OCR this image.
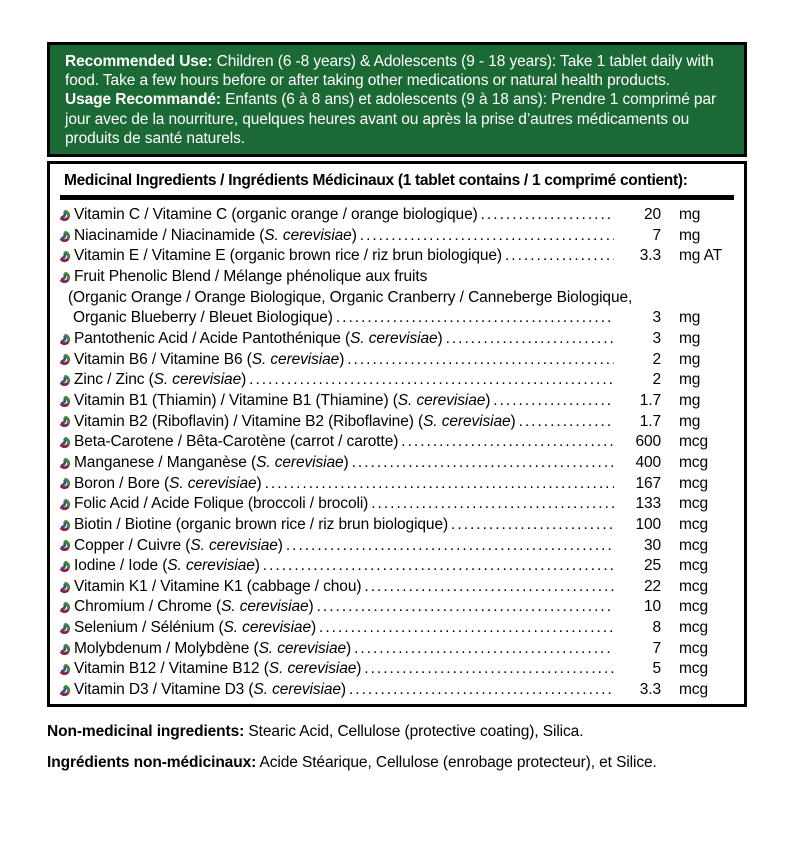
Recommended Use: Children (6 -8 years) & Adolescents (9 - 18 years): Take 1 tablet daily with food. Take a few hours before or after taking other medications or natural health products.

Usage Recommandé: Enfants (6 à 8 ans) et adolescents (9 à 18 ans): Prendre 1 comprimé par jour avec de la nourriture, quelques heures avant ou après la prise d’autres médicaments ou produits de santé naturels.

Medicinal Ingredients / Ingrédients Médicinaux (1 tablet contains / 1 comprimé contient):
Vitamin C / Vitamine C (organic orange / orange biologique) .....	20	mg
Niacinamide / Niacinamide (S. cerevisiae) .....	7	mg
Vitamin E / Vitamine E (organic brown rice / riz brun biologique) .....	3.3	mg AT
Fruit Phenolic Blend / Mélange phénolique aux fruits
(Organic Orange / Orange Biologique, Organic Cranberry / Canneberge Biologique,
Organic Blueberry / Bleuet Biologique) .....	3	mg
Pantothenic Acid / Acide Pantothénique (S. cerevisiae) .....	3	mg
Vitamin B6 / Vitamine B6 (S. cerevisiae) .....	2	mg
Zinc / Zinc (S. cerevisiae) .....	2	mg
Vitamin B1 (Thiamin) / Vitamine B1 (Thiamine) (S. cerevisiae) .....	1.7	mg
Vitamin B2 (Riboflavin) / Vitamine B2 (Riboflavine) (S. cerevisiae) .....	1.7	mg
Beta-Carotene / Bêta-Carotène (carrot / carotte) .....	600	mcg
Manganese / Manganèse (S. cerevisiae) .....	400	mcg
Boron / Bore (S. cerevisiae) .....	167	mcg
Folic Acid / Acide Folique (broccoli / brocoli) .....	133	mcg
Biotin / Biotine (organic brown rice / riz brun biologique) .....	100	mcg
Copper / Cuivre (S. cerevisiae) .....	30	mcg
Iodine / Iode (S. cerevisiae) .....	25	mcg
Vitamin K1 / Vitamine K1 (cabbage / chou) .....	22	mcg
Chromium / Chrome (S. cerevisiae) .....	10	mcg
Selenium / Sélénium (S. cerevisiae) .....	8	mcg
Molybdenum / Molybdène (S. cerevisiae) .....	7	mcg
Vitamin B12 / Vitamine B12 (S. cerevisiae) .....	5	mcg
Vitamin D3 / Vitamine D3 (S. cerevisiae) .....	3.3	mcg

Non-medicinal ingredients: Stearic Acid, Cellulose (protective coating), Silica.

Ingrédients non-médicinaux: Acide Stéarique, Cellulose (enrobage protecteur), et Silice.
